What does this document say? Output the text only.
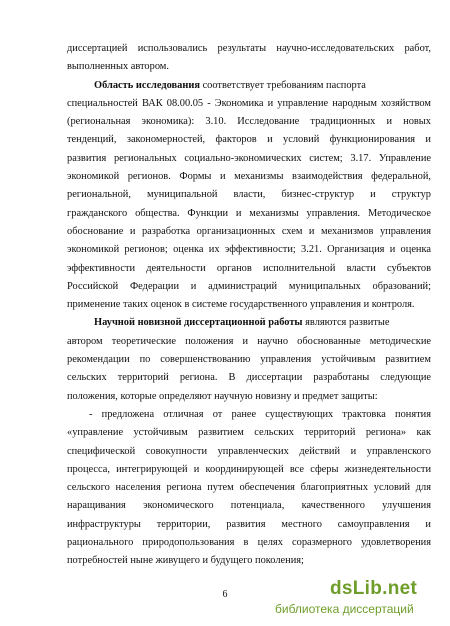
диссертацией использовались результаты научно-исследовательских работ,
выполненных автором.
Область исследования соответствует требованиям паспорта
специальностей ВАК 08.00.05 - Экономика и управление народным хозяйством
(региональная экономика): 3.10. Исследование традиционных и новых
тенденций, закономерностей, факторов и условий функционирования и
развития региональных социально-экономических систем; 3.17. Управление
экономикой регионов. Формы и механизмы взаимодействия федеральной,
региональной, муниципальной власти, бизнес-структур и структур
гражданского общества. Функции и механизмы управления. Методическое
обоснование и разработка организационных схем и механизмов управления
экономикой регионов; оценка их эффективности; 3.21. Организация и оценка
эффективности деятельности органов исполнительной власти субъектов
Российской Федерации и администраций муниципальных образований;
применение таких оценок в системе государственного управления и контроля.
Научной новизной диссертационной работы являются развитые
автором теоретические положения и научно обоснованные методические
рекомендации по совершенствованию управления устойчивым развитием
сельских территорий региона. В диссертации разработаны следующие
положения, которые определяют научную новизну и предмет защиты:
- предложена отличная от ранее существующих трактовка понятия
«управление устойчивым развитием сельских территорий региона» как
специфической совокупности управленческих действий и управленского
процесса, интегрирующей и координирующей все сферы жизнедеятельности
сельского населения региона путем обеспечения благоприятных условий для
наращивания экономического потенциала, качественного улучшения
инфраструктуры территории, развития местного самоуправления и
рационального природопользования в целях соразмерного удовлетворения
потребностей ныне живущего и будущего поколения;
6	dsLib.net
библиотека диссертаций
